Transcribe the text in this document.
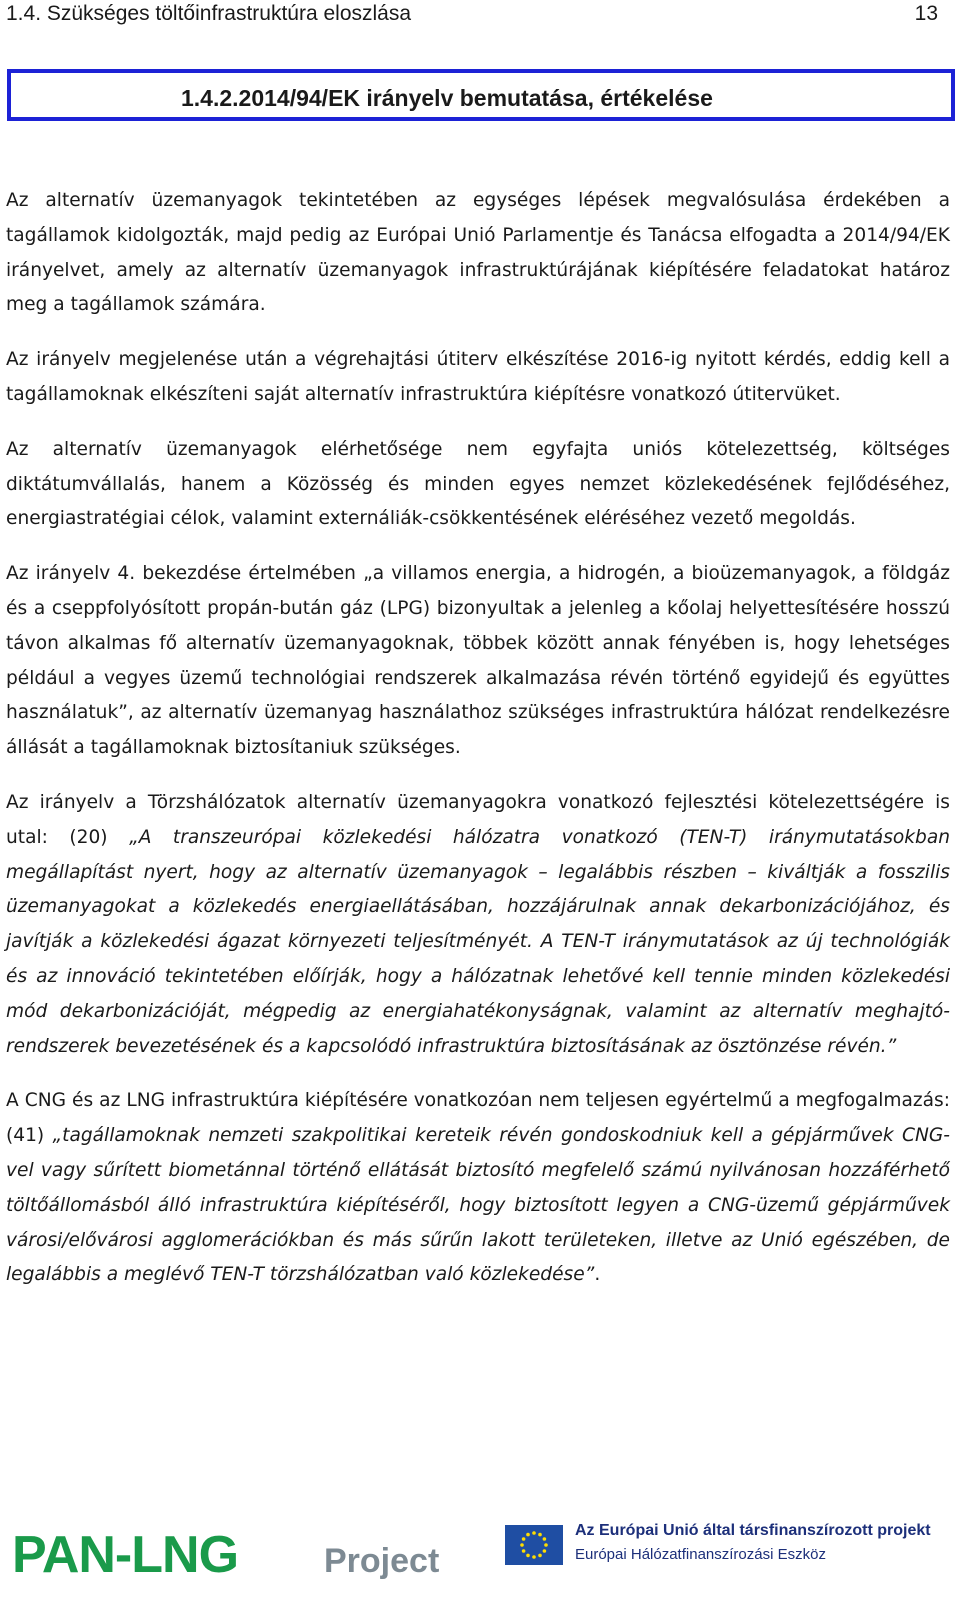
1.4. Szükséges töltőinfrastruktúra eloszlása	13
1.4.2.2014/94/EK irányelv bemutatása, értékelése

Az alternatív üzemanyagok tekintetében az egységes lépések megvalósulása érdekében a tagállamok kidolgozták, majd pedig az Európai Unió Parlamentje és Tanácsa elfogadta a 2014/94/EK irányelvet, amely az alternatív üzemanyagok infrastruktúrájának kiépítésére feladatokat határoz meg a tagállamok számára.

Az irányelv megjelenése után a végrehajtási útiterv elkészítése 2016-ig nyitott kérdés, eddig kell a tagállamoknak elkészíteni saját alternatív infrastruktúra kiépítésre vonatkozó útitervüket.

Az alternatív üzemanyagok elérhetősége nem egyfajta uniós kötelezettség, költséges diktátumvállalás, hanem a Közösség és minden egyes nemzet közlekedésének fejlődéséhez, energiastratégiai célok, valamint externáliák-csökkentésének eléréséhez vezető megoldás.

Az irányelv 4. bekezdése értelmében „a villamos energia, a hidrogén, a bioüzemanyagok, a földgáz és a cseppfolyósított propán-bután gáz (LPG) bizonyultak a jelenleg a kőolaj helyettesítésére hosszú távon alkalmas fő alternatív üzemanyagoknak, többek között annak fényében is, hogy lehetséges például a vegyes üzemű technológiai rendszerek alkalmazása révén történő egyidejű és együttes használatuk”, az alternatív üzemanyag használathoz szükséges infrastruktúra hálózat rendelkezésre állását a tagállamoknak biztosítaniuk szükséges.

Az irányelv a Törzshálózatok alternatív üzemanyagokra vonatkozó fejlesztési kötelezettségére is utal: (20) „A transzeurópai közlekedési hálózatra vonatkozó (TEN-T) iránymutatásokban megállapítást nyert, hogy az alternatív üzemanyagok – legalábbis részben – kiváltják a fosszilis üzemanyagokat a közlekedés energiaellátásában, hozzájárulnak annak dekarbonizációjához, és javítják a közlekedési ágazat környezeti teljesítményét. A TEN-T iránymutatások az új technológiák és az innováció tekintetében előírják, hogy a hálózatnak lehetővé kell tennie minden közlekedési mód dekarbonizációját, mégpedig az energiahatékonyságnak, valamint az alternatív meghajtó-rendszerek bevezetésének és a kapcsolódó infrastruktúra biztosításának az ösztönzése révén.”

A CNG és az LNG infrastruktúra kiépítésére vonatkozóan nem teljesen egyértelmű a megfogalmazás: (41) „tagállamoknak nemzeti szakpolitikai kereteik révén gondoskodniuk kell a gépjárművek CNG-vel vagy sűrített biometánnal történő ellátását biztosító megfelelő számú nyilvánosan hozzáférhető töltőállomásból álló infrastruktúra kiépítéséről, hogy biztosított legyen a CNG-üzemű gépjárművek városi/elővárosi agglomerációkban és más sűrűn lakott területeken, illetve az Unió egészében, de legalábbis a meglévő TEN-T törzshálózatban való közlekedése”.

PAN-LNG	Project
Az Európai Unió által társfinanszírozott projekt
Európai Hálózatfinanszírozási Eszköz
